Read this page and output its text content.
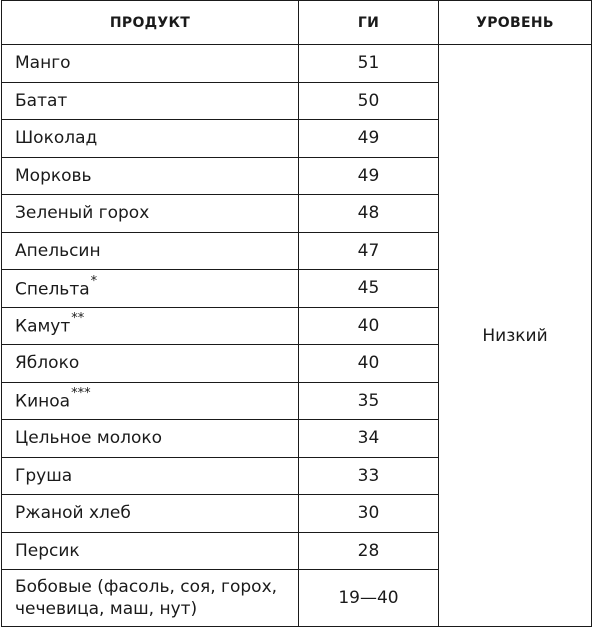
ПРОДУКТ	ГИ	УРОВЕНЬ
Манго	51	Низкий
Батат	50	
Шоколад	49	
Морковь	49	
Зеленый горох	48	
Апельсин	47	
Спельта*	45	
Камут**	40	
Яблоко	40	
Киноа***	35	
Цельное молоко	34	
Груша	33	
Ржаной хлеб	30	
Персик	28	
Бобовые (фасоль, соя, горох, чечевица, маш, нут)	19—40	
